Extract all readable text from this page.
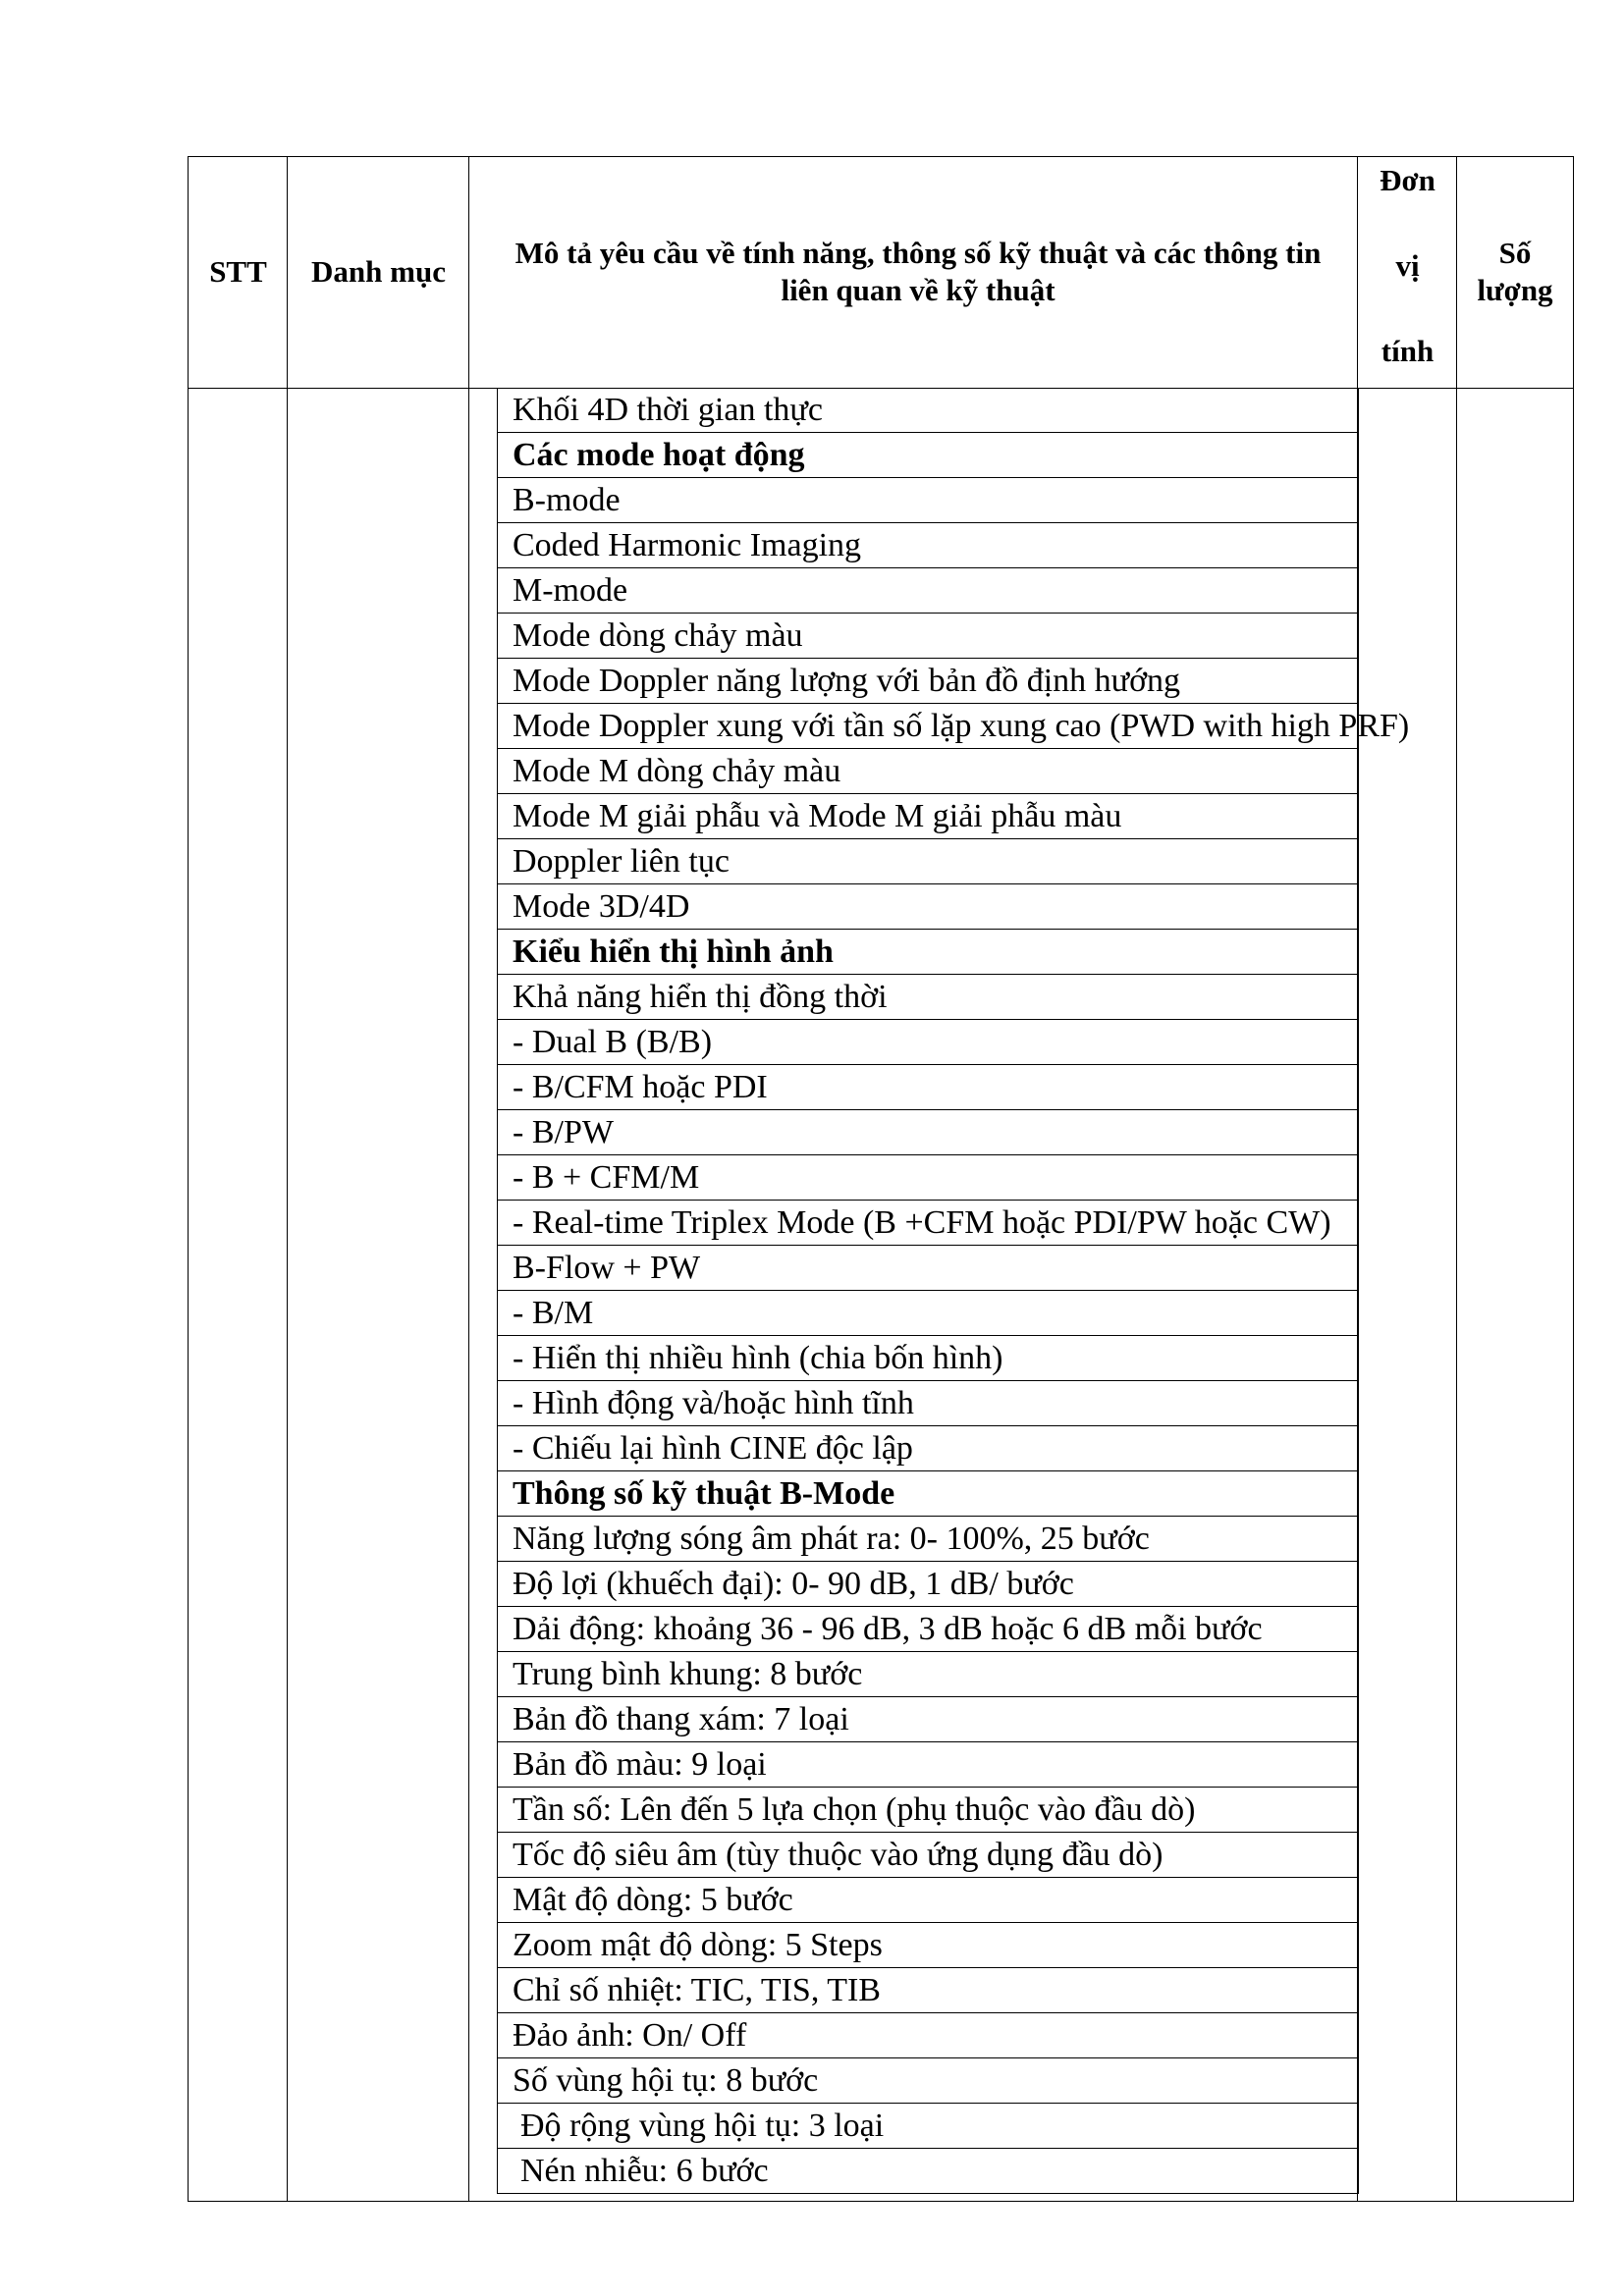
STT	Danh mục
Mô tả yêu cầu về tính năng, thông số kỹ thuật và các thông tin liên quan về kỹ thuật
Đơn
vị
tính
Số lượng
Khối 4D thời gian thực
Các mode hoạt động
B-mode
Coded Harmonic Imaging
M-mode
Mode dòng chảy màu
Mode Doppler năng lượng với bản đồ định hướng
Mode Doppler xung với tần số lặp xung cao (PWD with high PRF)
Mode M dòng chảy màu
Mode M giải phẫu và Mode M giải phẫu màu
Doppler liên tục
Mode 3D/4D
Kiểu hiển thị hình ảnh
Khả năng hiển thị đồng thời
- Dual B (B/B)
- B/CFM hoặc PDI
- B/PW
- B + CFM/M
- Real-time Triplex Mode (B +CFM hoặc PDI/PW hoặc CW)
B-Flow + PW
- B/M
- Hiển thị nhiều hình (chia bốn hình)
- Hình động và/hoặc hình tĩnh
- Chiếu lại hình CINE độc lập
Thông số kỹ thuật B-Mode
Năng lượng sóng âm phát ra: 0- 100%, 25 bước
Độ lợi (khuếch đại): 0- 90 dB, 1 dB/ bước
Dải động: khoảng 36 - 96 dB, 3 dB hoặc 6 dB mỗi bước
Trung bình khung: 8 bước
Bản đồ thang xám: 7 loại
Bản đồ màu: 9 loại
Tần số: Lên đến 5 lựa chọn (phụ thuộc vào đầu dò)
Tốc độ siêu âm (tùy thuộc vào ứng dụng đầu dò)
Mật độ dòng: 5 bước
Zoom mật độ dòng: 5 Steps
Chỉ số nhiệt: TIC, TIS, TIB
Đảo ảnh: On/ Off
Số vùng hội tụ: 8 bước
Độ rộng vùng hội tụ: 3 loại
Nén nhiễu: 6 bước
